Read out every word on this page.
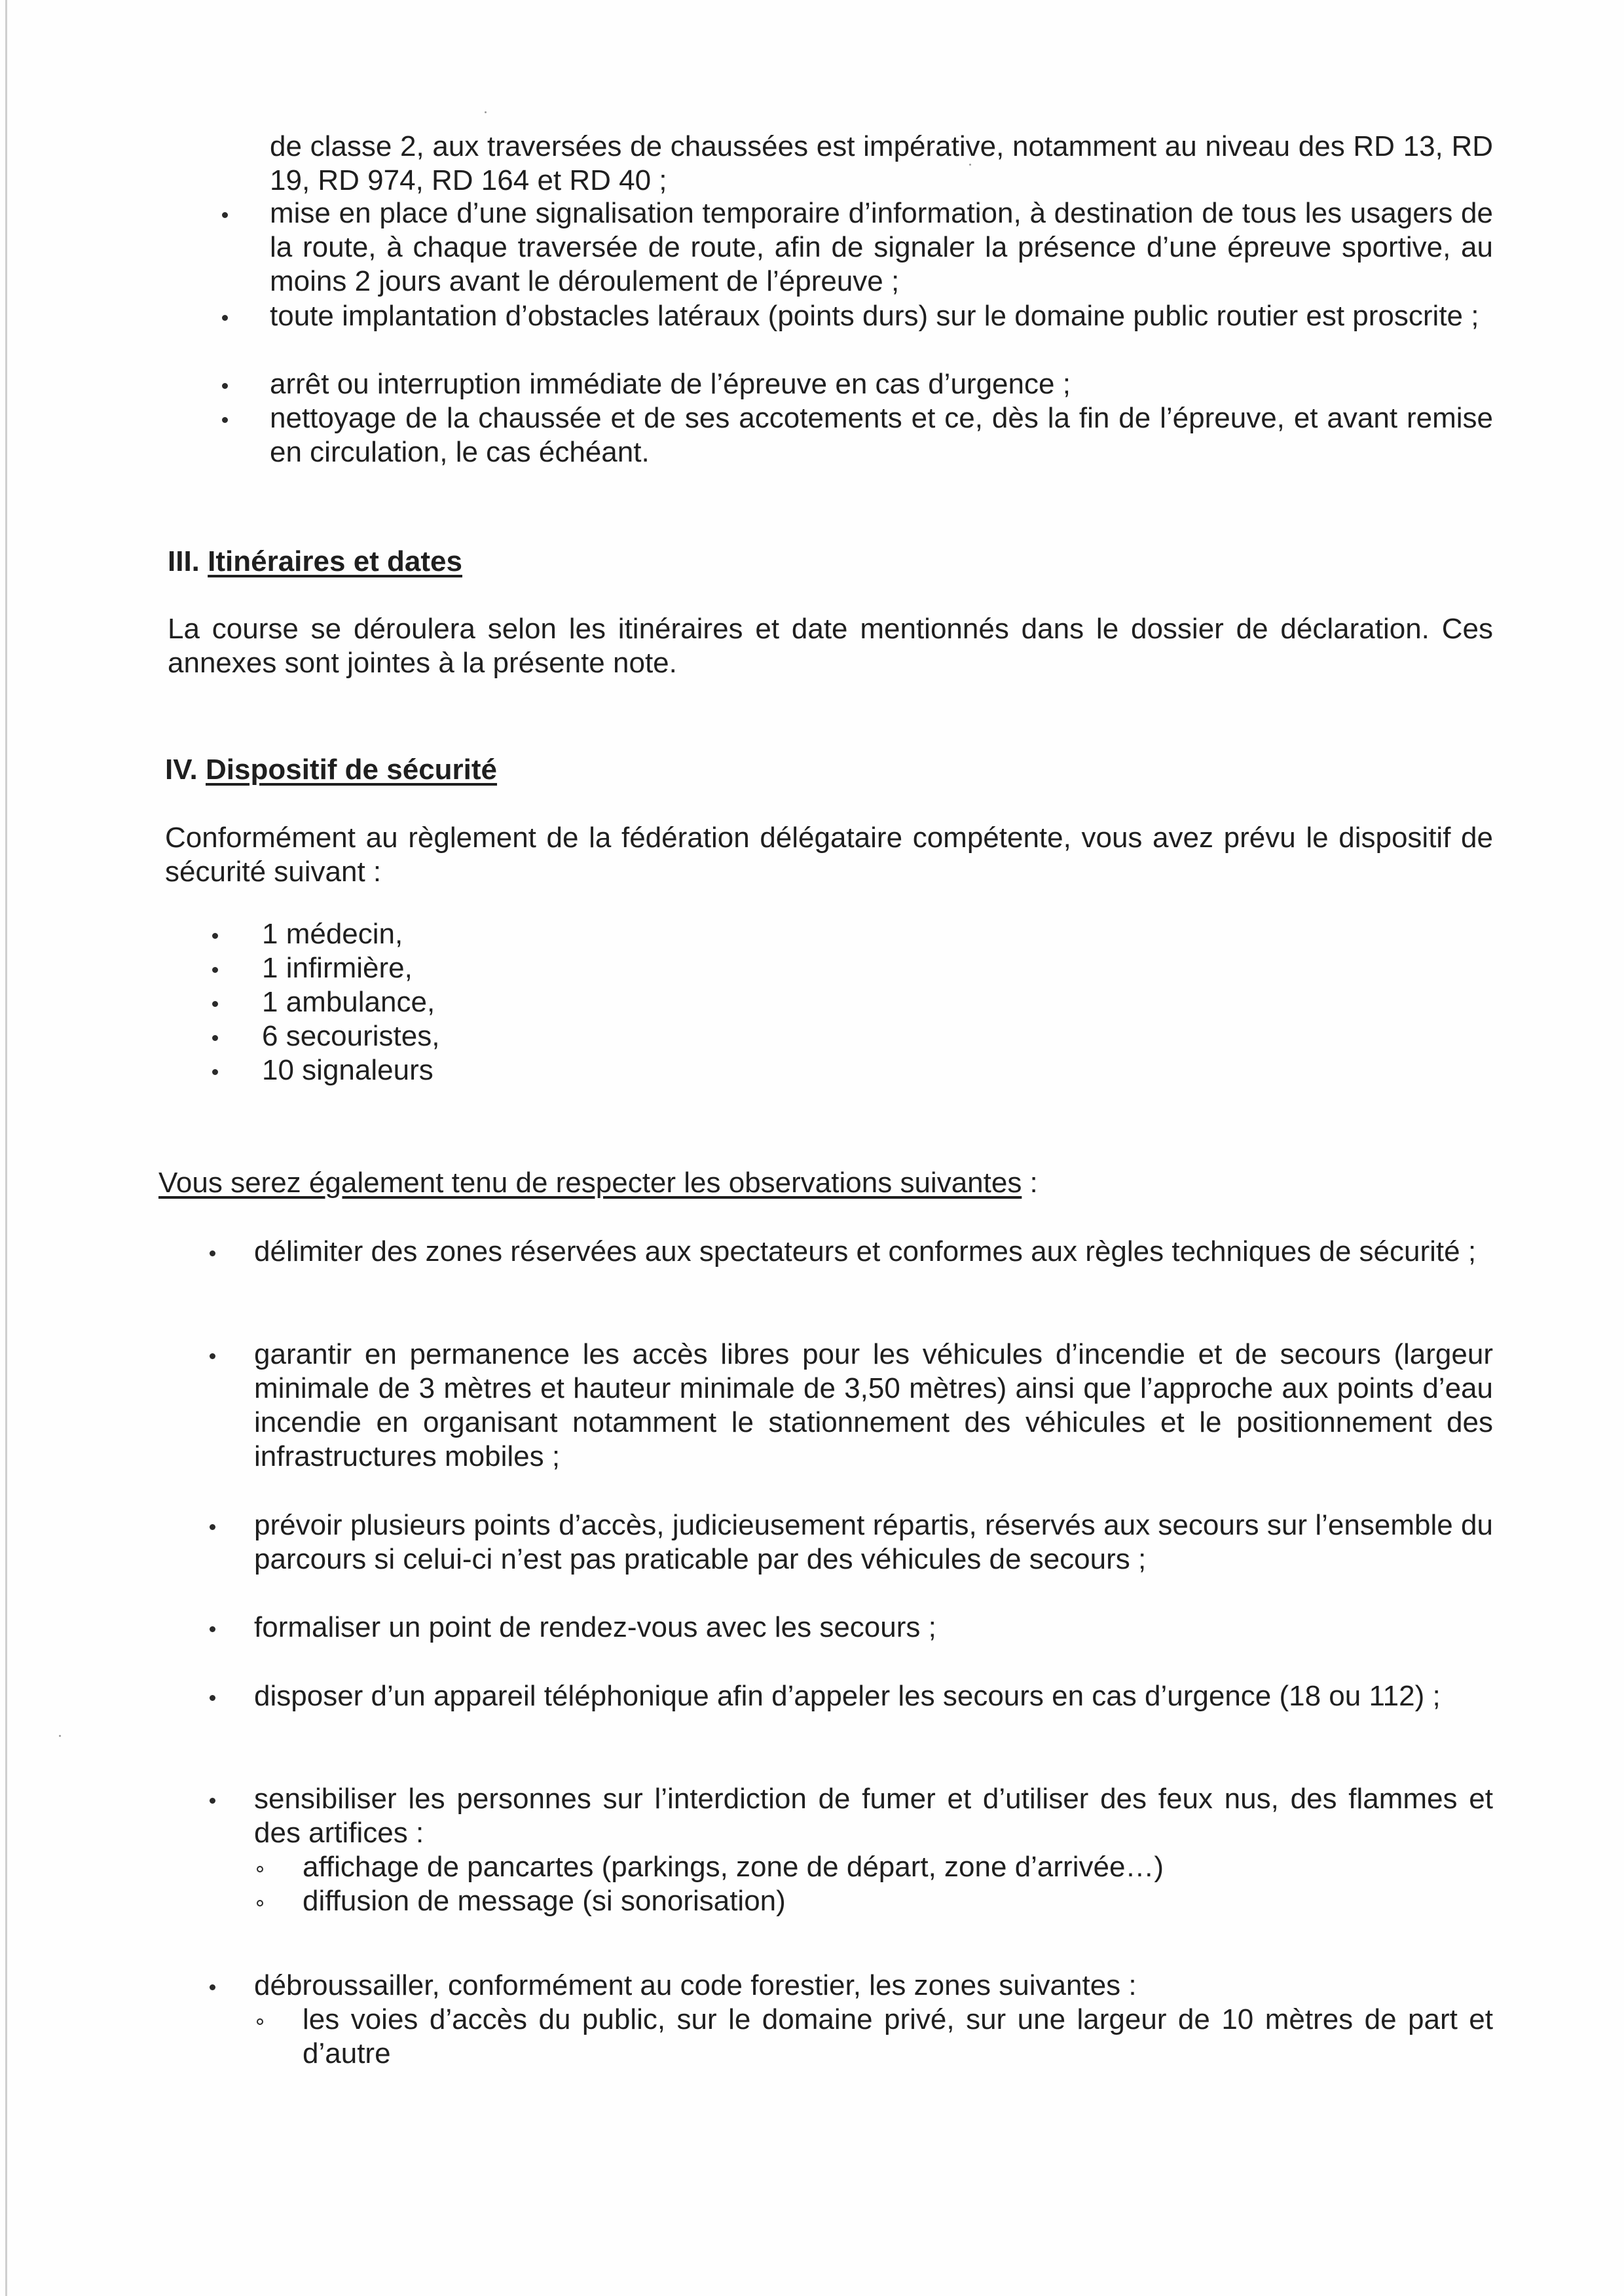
de classe 2, aux traversées de chaussées est impérative, notamment au niveau des RD 13, RD 19, RD 974, RD 164 et RD 40 ;
mise en place d’une signalisation temporaire d’information, à destination de tous les usagers de la route, à chaque traversée de route, afin de signaler la présence d’une épreuve sportive, au moins 2 jours avant le déroulement de l’épreuve ;
toute implantation d’obstacles latéraux (points durs) sur le domaine public routier est proscrite ;
arrêt ou interruption immédiate de l’épreuve en cas d’urgence ;
nettoyage de la chaussée et de ses accotements et ce, dès la fin de l’épreuve, et avant remise en circulation, le cas échéant.
III. Itinéraires et dates
La course se déroulera selon les itinéraires et date mentionnés dans le dossier de déclaration. Ces annexes sont jointes à la présente note.
IV. Dispositif de sécurité
Conformément au règlement de la fédération délégataire compétente, vous avez prévu le dispositif de sécurité suivant :
1 médecin,
1 infirmière,
1 ambulance,
6 secouristes,
10 signaleurs
Vous serez également tenu de respecter les observations suivantes :
délimiter des zones réservées aux spectateurs et conformes aux règles techniques de sécurité ;
garantir en permanence les accès libres pour les véhicules d’incendie et de secours (largeur minimale de 3 mètres et hauteur minimale de 3,50 mètres) ainsi que l’approche aux points d’eau incendie en organisant notamment le stationnement des véhicules et le positionnement des infrastructures mobiles ;
prévoir plusieurs points d’accès, judicieusement répartis, réservés aux secours sur l’ensemble du parcours si celui-ci n’est pas praticable par des véhicules de secours ;
formaliser un point de rendez-vous avec les secours ;
disposer d’un appareil téléphonique afin d’appeler les secours en cas d’urgence (18 ou 112) ;
sensibiliser les personnes sur l’interdiction de fumer et d’utiliser des feux nus, des flammes et des artifices :
affichage de pancartes (parkings, zone de départ, zone d’arrivée…)
diffusion de message (si sonorisation)
débroussailler, conformément au code forestier, les zones suivantes :
les voies d’accès du public, sur le domaine privé, sur une largeur de 10 mètres de part et d’autre
